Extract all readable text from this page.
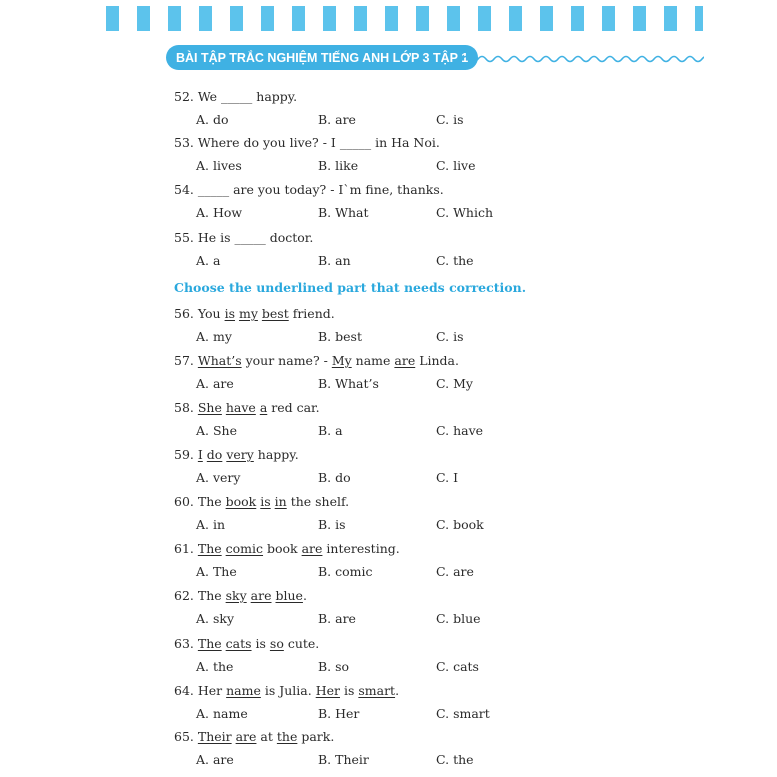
BÀI TẬP TRẮC NGHIỆM TIẾNG ANH LỚP 3 TẬP 1
Choose the underlined part that needs correction.
52. We _____ happy.
A. do	B. are	C. is
53. Where do you live? - I _____ in Ha Noi.
A. lives	B. like	C. live
54. _____ are you today? - I`m fine, thanks.
A. How	B. What	C. Which
55. He is _____ doctor.
A. a	B. an	C. the
56. You is my best friend.
A. my	B. best	C. is
57. What’s your name? - My name are Linda.
A. are	B. What’s	C. My
58. She have a red car.
A. She	B. a	C. have
59. I do very happy.
A. very	B. do	C. I
60. The book is in the shelf.
A. in	B. is	C. book
61. The comic book are interesting.
A. The	B. comic	C. are
62. The sky are blue.
A. sky	B. are	C. blue
63. The cats is so cute.
A. the	B. so	C. cats
64. Her name is Julia. Her is smart.
A. name	B. Her	C. smart
65. Their are at the park.
A. are	B. Their	C. the
